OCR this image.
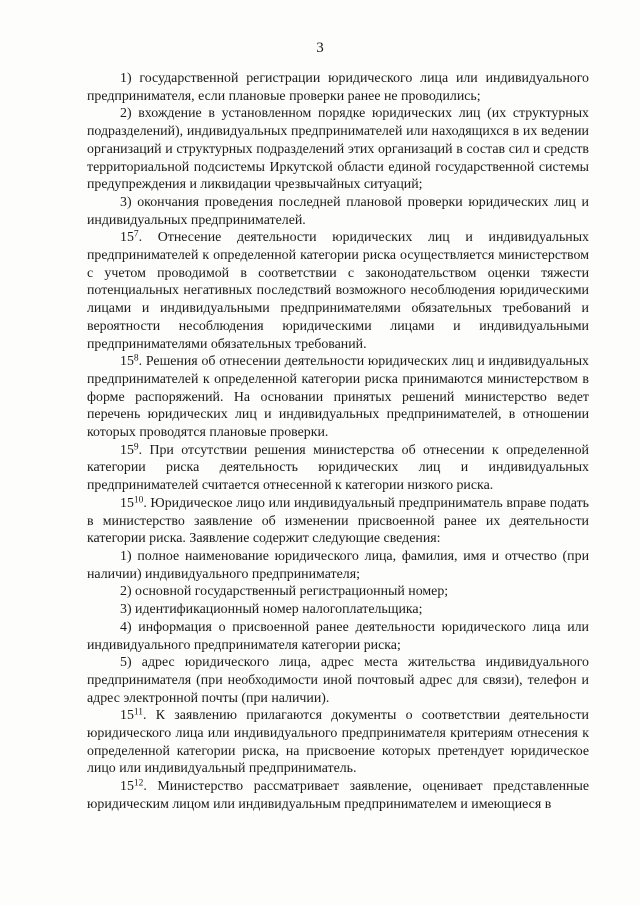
3

1) государственной регистрации юридического лица или индивидуального предпринимателя, если плановые проверки ранее не проводились;

2) вхождение в установленном порядке юридических лиц (их структурных подразделений), индивидуальных предпринимателей или находящихся в их ведении организаций и структурных подразделений этих организаций в состав сил и средств территориальной подсистемы Иркутской области единой государственной системы предупреждения и ликвидации чрезвычайных ситуаций;

3) окончания проведения последней плановой проверки юридических лиц и индивидуальных предпринимателей.

$15^7$. Отнесение деятельности юридических лиц и индивидуальных предпринимателей к определенной категории риска осуществляется министерством с учетом проводимой в соответствии с законодательством оценки тяжести потенциальных негативных последствий возможного несоблюдения юридическими лицами и индивидуальными предпринимателями обязательных требований и вероятности несоблюдения юридическими лицами и индивидуальными предпринимателями обязательных требований.

$15^8$. Решения об отнесении деятельности юридических лиц и индивидуальных предпринимателей к определенной категории риска принимаются министерством в форме распоряжений. На основании принятых решений министерство ведет перечень юридических лиц и индивидуальных предпринимателей, в отношении которых проводятся плановые проверки.

$15^9$. При отсутствии решения министерства об отнесении к определенной категории риска деятельность юридических лиц и индивидуальных предпринимателей считается отнесенной к категории низкого риска.

$15^{10}$. Юридическое лицо или индивидуальный предприниматель вправе подать в министерство заявление об изменении присвоенной ранее их деятельности категории риска. Заявление содержит следующие сведения:

1) полное наименование юридического лица, фамилия, имя и отчество (при наличии) индивидуального предпринимателя;

2) основной государственный регистрационный номер;

3) идентификационный номер налогоплательщика;

4) информация о присвоенной ранее деятельности юридического лица или индивидуального предпринимателя категории риска;

5) адрес юридического лица, адрес места жительства индивидуального предпринимателя (при необходимости иной почтовый адрес для связи), телефон и адрес электронной почты (при наличии).

$15^{11}$. К заявлению прилагаются документы о соответствии деятельности юридического лица или индивидуального предпринимателя критериям отнесения к определенной категории риска, на присвоение которых претендует юридическое лицо или индивидуальный предприниматель.

$15^{12}$. Министерство рассматривает заявление, оценивает представленные юридическим лицом или индивидуальным предпринимателем и имеющиеся в
